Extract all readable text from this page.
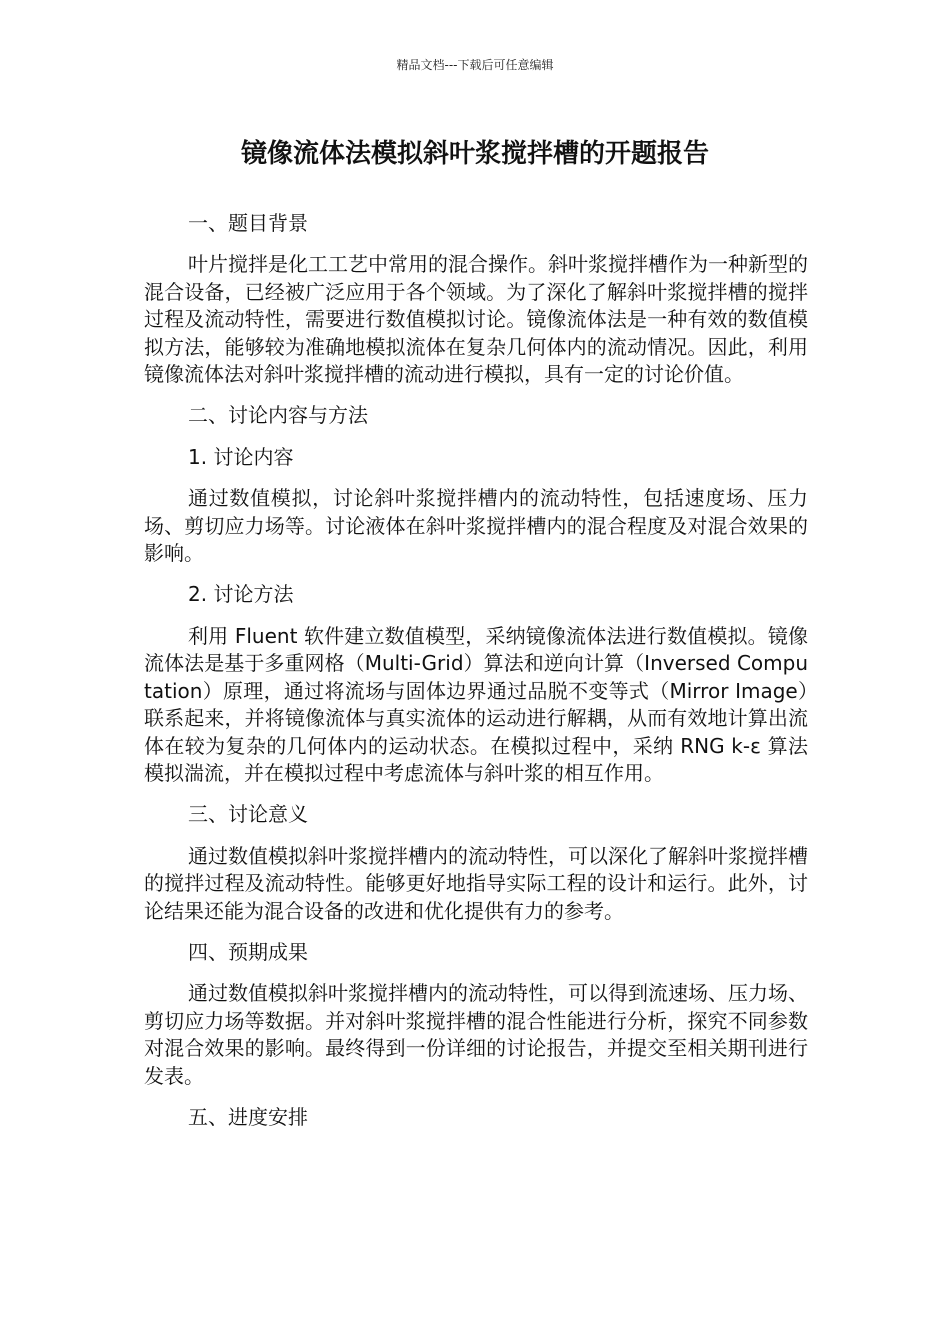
精品文档---下载后可任意编辑
镜像流体法模拟斜叶浆搅拌槽的开题报告

一、题目背景

叶片搅拌是化工工艺中常用的混合操作。斜叶浆搅拌槽作为一种新型的混合设备，已经被广泛应用于各个领域。为了深化了解斜叶浆搅拌槽的搅拌过程及流动特性，需要进行数值模拟讨论。镜像流体法是一种有效的数值模拟方法，能够较为准确地模拟流体在复杂几何体内的流动情况。因此，利用镜像流体法对斜叶浆搅拌槽的流动进行模拟，具有一定的讨论价值。

二、讨论内容与方法

1. 讨论内容

通过数值模拟，讨论斜叶浆搅拌槽内的流动特性，包括速度场、压力场、剪切应力场等。讨论液体在斜叶浆搅拌槽内的混合程度及对混合效果的影响。

2. 讨论方法

利用 Fluent 软件建立数值模型，采纳镜像流体法进行数值模拟。镜像流体法是基于多重网格（Multi-Grid）算法和逆向计算（Inversed Computation）原理，通过将流场与固体边界通过品脱不变等式（Mirror Image）联系起来，并将镜像流体与真实流体的运动进行解耦，从而有效地计算出流体在较为复杂的几何体内的运动状态。在模拟过程中，采纳 RNG k-ε 算法模拟湍流，并在模拟过程中考虑流体与斜叶浆的相互作用。

三、讨论意义

通过数值模拟斜叶浆搅拌槽内的流动特性，可以深化了解斜叶浆搅拌槽的搅拌过程及流动特性。能够更好地指导实际工程的设计和运行。此外，讨论结果还能为混合设备的改进和优化提供有力的参考。

四、预期成果

通过数值模拟斜叶浆搅拌槽内的流动特性，可以得到流速场、压力场、剪切应力场等数据。并对斜叶浆搅拌槽的混合性能进行分析，探究不同参数对混合效果的影响。最终得到一份详细的讨论报告，并提交至相关期刊进行发表。

五、进度安排
